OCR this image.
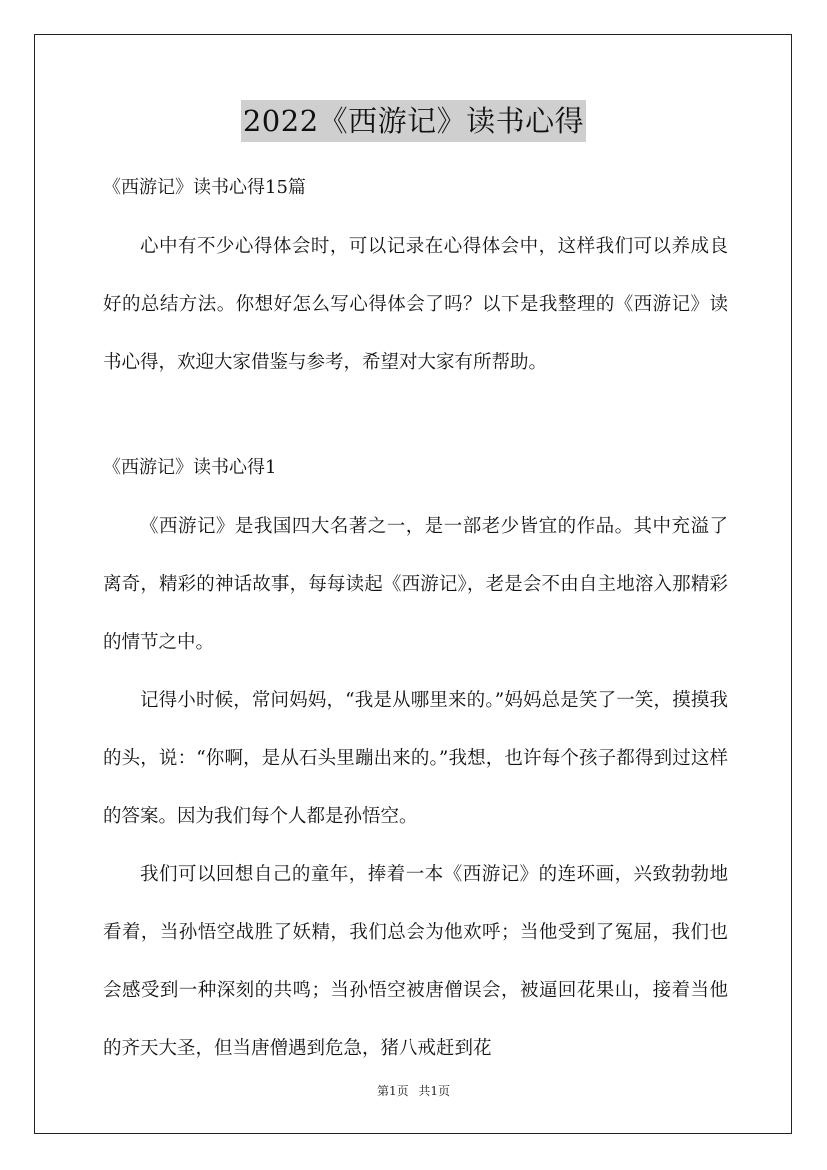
2022《西游记》读书心得

《西游记》读书心得15篇

心中有不少心得体会时，可以记录在心得体会中，这样我们可以养成良好的总结方法。你想好怎么写心得体会了吗？以下是我整理的《西游记》读书心得，欢迎大家借鉴与参考，希望对大家有所帮助。

《西游记》读书心得1

《西游记》是我国四大名著之一，是一部老少皆宜的作品。其中充溢了离奇，精彩的神话故事，每每读起《西游记》，老是会不由自主地溶入那精彩的情节之中。

记得小时候，常问妈妈，“我是从哪里来的。”妈妈总是笑了一笑，摸摸我的头，说：“你啊，是从石头里蹦出来的。”我想，也许每个孩子都得到过这样的答案。因为我们每个人都是孙悟空。

我们可以回想自己的童年，捧着一本《西游记》的连环画，兴致勃勃地看着，当孙悟空战胜了妖精，我们总会为他欢呼；当他受到了冤屈，我们也会感受到一种深刻的共鸣；当孙悟空被唐僧误会，被逼回花果山，接着当他的齐天大圣，但当唐僧遇到危急，猪八戒赶到花

第1页 共1页
